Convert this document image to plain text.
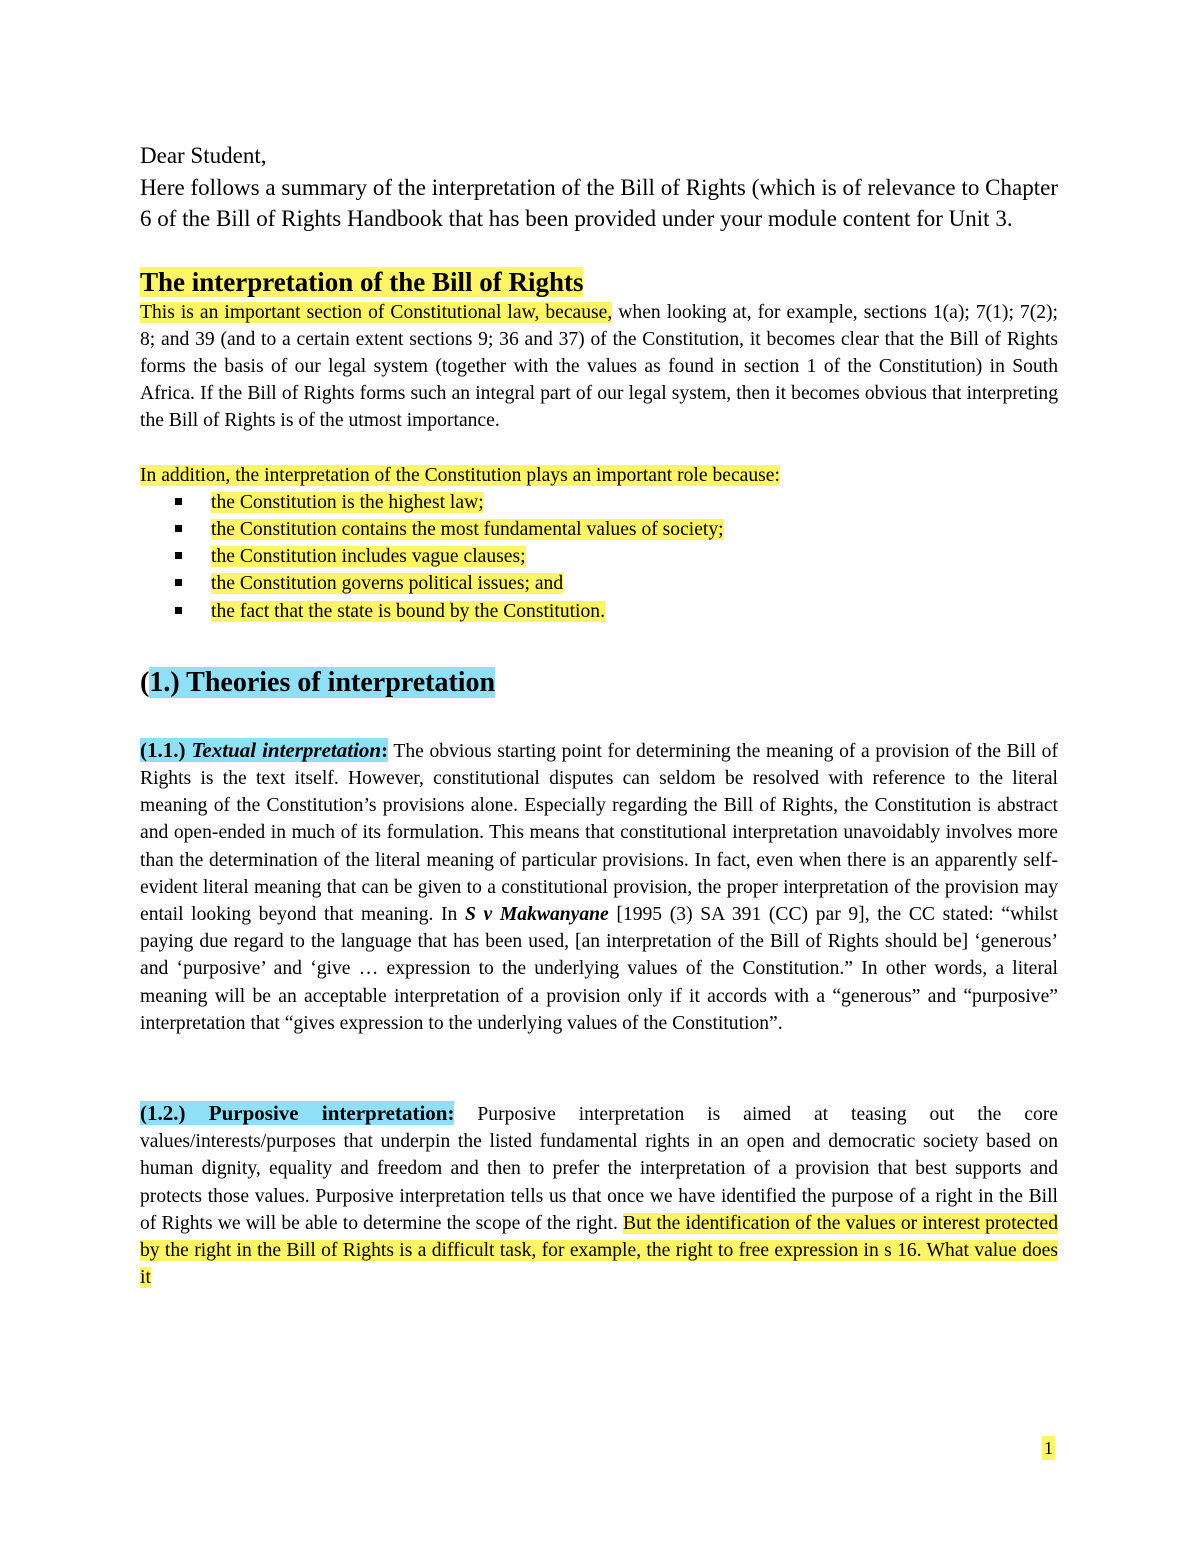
Dear Student,

Here follows a summary of the interpretation of the Bill of Rights (which is of relevance to Chapter 6 of the Bill of Rights Handbook that has been provided under your module content for Unit 3.

The interpretation of the Bill of Rights

This is an important section of Constitutional law, because, when looking at, for example, sections 1(a); 7(1); 7(2); 8; and 39 (and to a certain extent sections 9; 36 and 37) of the Constitution, it becomes clear that the Bill of Rights forms the basis of our legal system (together with the values as found in section 1 of the Constitution) in South Africa. If the Bill of Rights forms such an integral part of our legal system, then it becomes obvious that interpreting the Bill of Rights is of the utmost importance.

In addition, the interpretation of the Constitution plays an important role because:

the Constitution is the highest law;
the Constitution contains the most fundamental values of society;
the Constitution includes vague clauses;
the Constitution governs political issues; and
the fact that the state is bound by the Constitution.
(1.) Theories of interpretation

(1.1.) Textual interpretation: The obvious starting point for determining the meaning of a provision of the Bill of Rights is the text itself. However, constitutional disputes can seldom be resolved with reference to the literal meaning of the Constitution’s provisions alone. Especially regarding the Bill of Rights, the Constitution is abstract and open-ended in much of its formulation. This means that constitutional interpretation unavoidably involves more than the determination of the literal meaning of particular provisions. In fact, even when there is an apparently self-evident literal meaning that can be given to a constitutional provision, the proper interpretation of the provision may entail looking beyond that meaning. In S v Makwanyane [1995 (3) SA 391 (CC) par 9], the CC stated: “whilst paying due regard to the language that has been used, [an interpretation of the Bill of Rights should be] ‘generous’ and ‘purposive’ and ‘give … expression to the underlying values of the Constitution.” In other words, a literal meaning will be an acceptable interpretation of a provision only if it accords with a “generous” and “purposive” interpretation that “gives expression to the underlying values of the Constitution”.

(1.2.) Purposive interpretation: Purposive interpretation is aimed at teasing out the core values/interests/purposes that underpin the listed fundamental rights in an open and democratic society based on human dignity, equality and freedom and then to prefer the interpretation of a provision that best supports and protects those values. Purposive interpretation tells us that once we have identified the purpose of a right in the Bill of Rights we will be able to determine the scope of the right. But the identification of the values or interest protected by the right in the Bill of Rights is a difficult task, for example, the right to free expression in s 16. What value does it

1
